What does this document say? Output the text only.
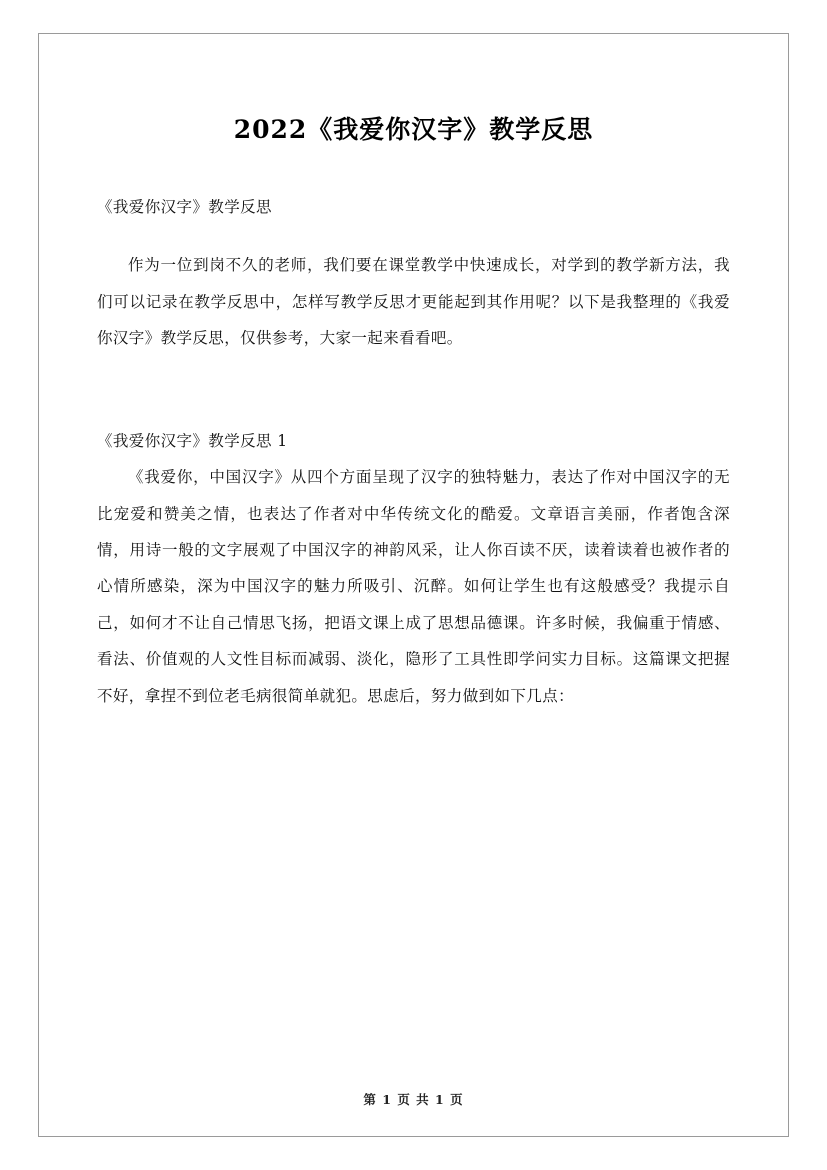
2022《我爱你汉字》教学反思

《我爱你汉字》教学反思

作为一位到岗不久的老师，我们要在课堂教学中快速成长，对学到的教学新方法，我们可以记录在教学反思中，怎样写教学反思才更能起到其作用呢？以下是我整理的《我爱你汉字》教学反思，仅供参考，大家一起来看看吧。

《我爱你汉字》教学反思 1

《我爱你，中国汉字》从四个方面呈现了汉字的独特魅力，表达了作对中国汉字的无比宠爱和赞美之情，也表达了作者对中华传统文化的酷爱。文章语言美丽，作者饱含深情，用诗一般的文字展观了中国汉字的神韵风采，让人你百读不厌，读着读着也被作者的心情所感染，深为中国汉字的魅力所吸引、沉醉。如何让学生也有这般感受？我提示自己，如何才不让自己情思飞扬，把语文课上成了思想品德课。许多时候，我偏重于情感、看法、价值观的人文性目标而减弱、淡化，隐形了工具性即学问实力目标。这篇课文把握不好，拿捏不到位老毛病很简单就犯。思虑后，努力做到如下几点：

第 1 页 共 1 页
